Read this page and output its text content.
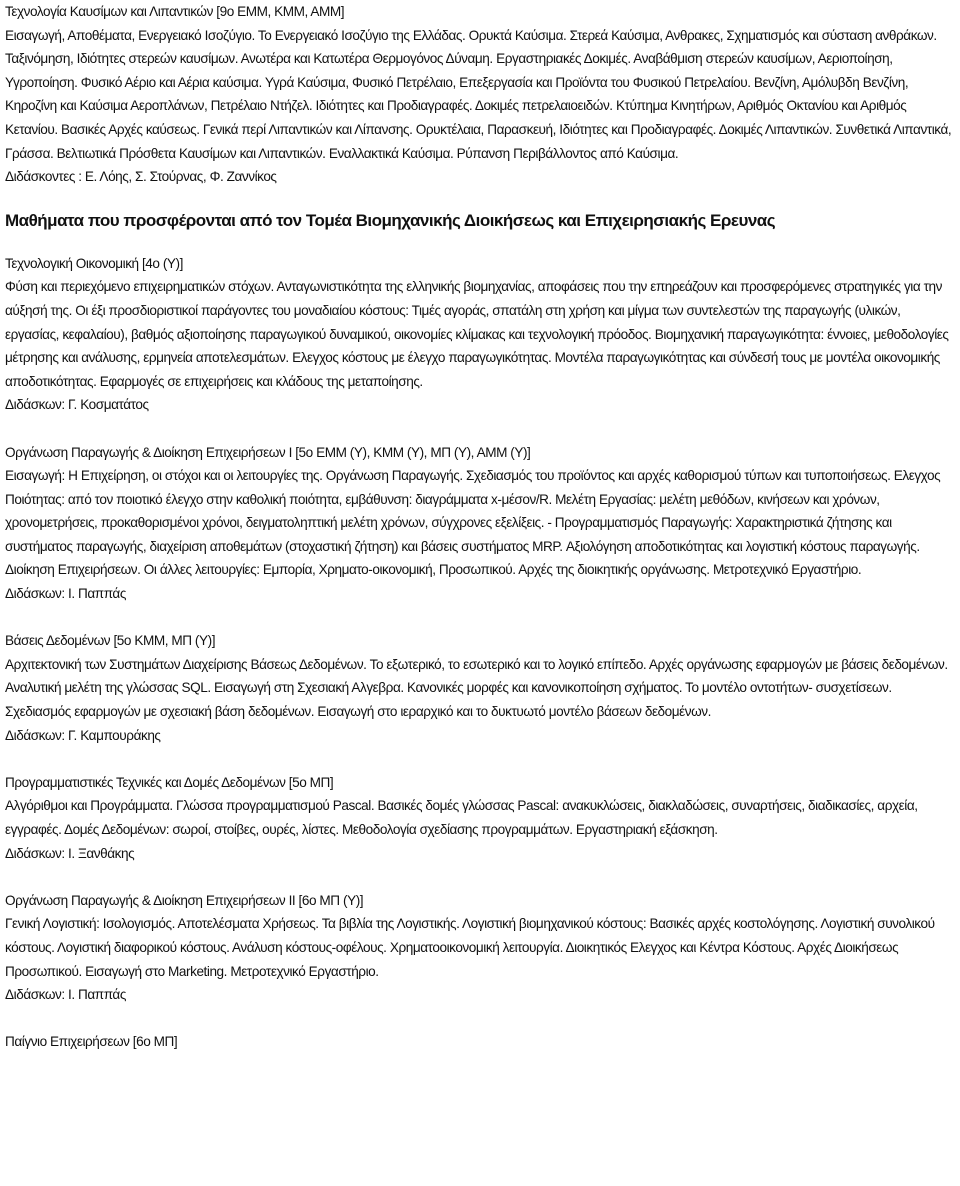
Τεχνολογία Καυσίμων και Λιπαντικών [9ο ΕΜΜ, ΚΜΜ, ΑΜΜ]

Εισαγωγή, Αποθέματα, Ενεργειακό Ισοζύγιο. Το Ενεργειακό Ισοζύγιο της Ελλάδας. Ορυκτά Καύσιμα. Στερεά Καύσιμα, Ανθρακες, Σχηματισμός και σύσταση ανθράκων. Ταξινόμηση, Ιδιότητες στερεών καυσίμων. Ανωτέρα και Κατωτέρα Θερμογόνος Δύναμη. Εργαστηριακές Δοκιμές. Αναβάθμιση στερεών καυσίμων, Αεριοποίηση, Υγροποίηση. Φυσικό Αέριο και Αέρια καύσιμα. Υγρά Καύσιμα, Φυσικό Πετρέλαιο, Επεξεργασία και Προϊόντα του Φυσικού Πετρελαίου. Βενζίνη, Αμόλυβδη Βενζίνη, Κηροζίνη και Καύσιμα Αεροπλάνων, Πετρέλαιο Ντήζελ. Ιδιότητες και Προδιαγραφές. Δοκιμές πετρελαιοειδών. Κτύπημα Κινητήρων, Αριθμός Οκτανίου και Αριθμός Κετανίου. Βασικές Αρχές καύσεως. Γενικά περί Λιπαντικών και Λίπανσης. Ορυκτέλαια, Παρασκευή, Ιδιότητες και Προδιαγραφές. Δοκιμές Λιπαντικών. Συνθετικά Λιπαντικά, Γράσσα. Βελτιωτικά Πρόσθετα Καυσίμων και Λιπαντικών. Εναλλακτικά Καύσιμα. Ρύπανση Περιβάλλοντος από Καύσιμα.

Διδάσκοντες : Ε. Λόης, Σ. Στούρνας, Φ. Ζαννίκος

Μαθήματα που προσφέρονται από τον Τομέα Βιομηχανικής Διοικήσεως και Επιχειρησιακής Ερευνας

Τεχνολογική Οικονομική [4ο (Υ)]

Φύση και περιεχόμενο επιχειρηματικών στόχων. Ανταγωνιστικότητα της ελληνικής βιομηχανίας, αποφάσεις που την επηρεάζουν και προσφερόμενες στρατηγικές για την αύξησή της. Οι έξι προσδιοριστικοί παράγοντες του μοναδιαίου κόστους: Τιμές αγοράς, σπατάλη στη χρήση και μίγμα των συντελεστών της παραγωγής (υλικών, εργασίας, κεφαλαίου), βαθμός αξιοποίησης παραγωγικού δυναμικού, οικονομίες κλίμακας και τεχνολογική πρόοδος. Βιομηχανική παραγωγικότητα: έννοιες, μεθοδολογίες μέτρησης και ανάλυσης, ερμηνεία αποτελεσμάτων. Ελεγχος κόστους με έλεγχο παραγωγικότητας. Μοντέλα παραγωγικότητας και σύνδεσή τους με μοντέλα οικονομικής αποδοτικότητας. Εφαρμογές σε επιχειρήσεις και κλάδους της μεταποίησης.

Διδάσκων: Γ. Κοσματάτος

Οργάνωση Παραγωγής & Διοίκηση Επιχειρήσεων Ι [5ο ΕΜΜ (Υ), ΚΜΜ (Υ), ΜΠ (Υ), ΑΜΜ (Υ)]

Εισαγωγή: Η Επιχείρηση, οι στόχοι και οι λειτουργίες της. Οργάνωση Παραγωγής. Σχεδιασμός του προϊόντος και αρχές καθορισμού τύπων και τυποποιήσεως. Ελεγχος Ποιότητας: από τον ποιοτικό έλεγχο στην καθολική ποιότητα, εμβάθυνση: διαγράμματα x-μέσον/R. Μελέτη Εργασίας: μελέτη μεθόδων, κινήσεων και χρόνων, χρονομετρήσεις, προκαθορισμένοι χρόνοι, δειγματοληπτική μελέτη χρόνων, σύγχρονες εξελίξεις. - Προγραμματισμός Παραγωγής: Χαρακτηριστικά ζήτησης και συστήματος παραγωγής, διαχείριση αποθεμάτων (στοχαστική ζήτηση) και βάσεις συστήματος MRP. Αξιολόγηση αποδοτικότητας και λογιστική κόστους παραγωγής. Διοίκηση Επιχειρήσεων. Οι άλλες λειτουργίες: Εμπορία, Χρηματο-οικονομική, Προσωπικού. Αρχές της διοικητικής οργάνωσης. Μετροτεχνικό Εργαστήριο.

Διδάσκων: Ι. Παππάς

Βάσεις Δεδομένων [5ο ΚΜΜ, ΜΠ (Υ)]

Αρχιτεκτονική των Συστημάτων Διαχείρισης Βάσεως Δεδομένων. Το εξωτερικό, το εσωτερικό και το λογικό επίπεδο. Αρχές οργάνωσης εφαρμογών με βάσεις δεδομένων. Αναλυτική μελέτη της γλώσσας SQL. Εισαγωγή στη Σχεσιακή Αλγεβρα. Κανονικές μορφές και κανονικοποίηση σχήματος. Το μοντέλο οντοτήτων- συσχετίσεων. Σχεδιασμός εφαρμογών με σχεσιακή βάση δεδομένων. Εισαγωγή στο ιεραρχικό και το δυκτυωτό μοντέλο βάσεων δεδομένων.

Διδάσκων: Γ. Καμπουράκης

Προγραμματιστικές Τεχνικές και Δομές Δεδομένων [5ο ΜΠ]

Αλγόριθμοι και Προγράμματα. Γλώσσα προγραμματισμού Pascal. Βασικές δομές γλώσσας Pascal: ανακυκλώσεις, διακλαδώσεις, συναρτήσεις, διαδικασίες, αρχεία, εγγραφές. Δομές Δεδομένων: σωροί, στοίβες, ουρές, λίστες. Μεθοδολογία σχεδίασης προγραμμάτων. Εργαστηριακή εξάσκηση.

Διδάσκων: Ι. Ξανθάκης

Οργάνωση Παραγωγής & Διοίκηση Επιχειρήσεων ΙΙ [6ο ΜΠ (Υ)]

Γενική Λογιστική: Ισολογισμός. Αποτελέσματα Χρήσεως. Τα βιβλία της Λογιστικής. Λογιστική βιομηχανικού κόστους: Βασικές αρχές κοστολόγησης. Λογιστική συνολικού κόστους. Λογιστική διαφορικού κόστους. Ανάλυση κόστους-οφέλους. Χρηματοοικονομική λειτουργία. Διοικητικός Ελεγχος και Κέντρα Κόστους. Αρχές Διοικήσεως Προσωπικού. Εισαγωγή στο Marketing. Μετροτεχνικό Εργαστήριο.

Διδάσκων: Ι. Παππάς

Παίγνιο Επιχειρήσεων [6ο ΜΠ]
